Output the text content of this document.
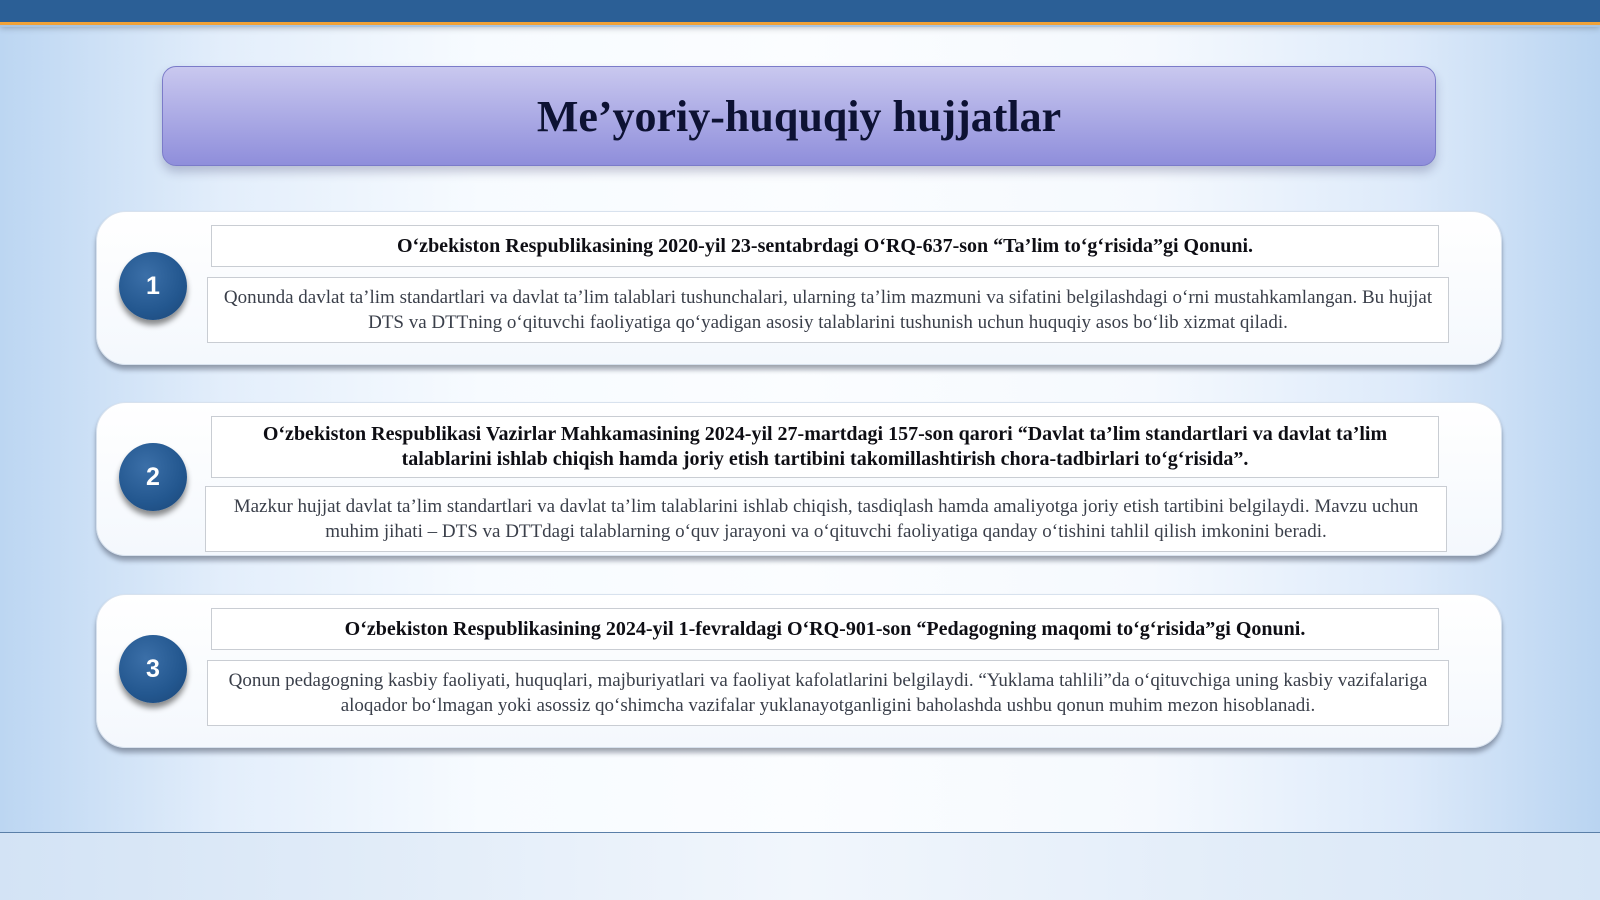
Me’yoriy-huquqiy hujjatlar
1
O‘zbekiston Respublikasining 2020-yil 23-sentabrdagi O‘RQ-637-son “Ta’lim to‘g‘risida”gi Qonuni.
Qonunda davlat ta’lim standartlari va davlat ta’lim talablari tushunchalari, ularning ta’lim mazmuni va sifatini belgilashdagi o‘rni mustahkamlangan. Bu hujjat DTS va DTTning o‘qituvchi faoliyatiga qo‘yadigan asosiy talablarini tushunish uchun huquqiy asos bo‘lib xizmat qiladi.
2
O‘zbekiston Respublikasi Vazirlar Mahkamasining 2024-yil 27-martdagi 157-son qarori “Davlat ta’lim standartlari va davlat ta’lim talablarini ishlab chiqish hamda joriy etish tartibini takomillashtirish chora-tadbirlari to‘g‘risida”.
Mazkur hujjat davlat ta’lim standartlari va davlat ta’lim talablarini ishlab chiqish, tasdiqlash hamda amaliyotga joriy etish tartibini belgilaydi. Mavzu uchun muhim jihati – DTS va DTTdagi talablarning o‘quv jarayoni va o‘qituvchi faoliyatiga qanday o‘tishini tahlil qilish imkonini beradi.
3
O‘zbekiston Respublikasining 2024-yil 1-fevraldagi O‘RQ-901-son “Pedagogning maqomi to‘g‘risida”gi Qonuni.
Qonun pedagogning kasbiy faoliyati, huquqlari, majburiyatlari va faoliyat kafolatlarini belgilaydi. “Yuklama tahlili”da o‘qituvchiga uning kasbiy vazifalariga aloqador bo‘lmagan yoki asossiz qo‘shimcha vazifalar yuklanayotganligini baholashda ushbu qonun muhim mezon hisoblanadi.
